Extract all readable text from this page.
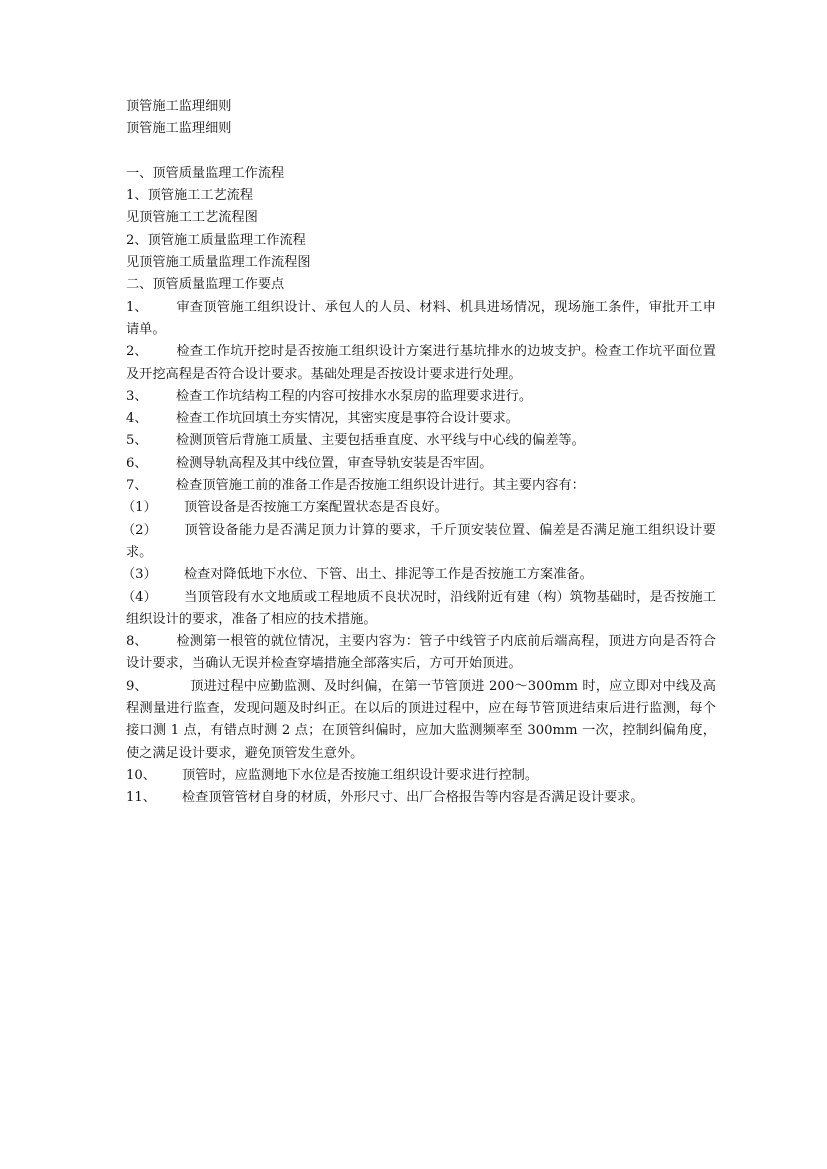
顶管施工监理细则
顶管施工监理细则
一、顶管质量监理工作流程
1、顶管施工工艺流程
见顶管施工工艺流程图
2、顶管施工质量监理工作流程
见顶管施工质量监理工作流程图
二、顶管质量监理工作要点
1、 审查顶管施工组织设计、承包人的人员、材料、机具进场情况，现场施工条件，审批开工申请单。
2、 检查工作坑开挖时是否按施工组织设计方案进行基坑排水的边坡支护。检查工作坑平面位置及开挖高程是否符合设计要求。基础处理是否按设计要求进行处理。
3、 检查工作坑结构工程的内容可按排水水泵房的监理要求进行。
4、 检查工作坑回填土夯实情况，其密实度是事符合设计要求。
5、 检测顶管后背施工质量、主要包括垂直度、水平线与中心线的偏差等。
6、 检测导轨高程及其中线位置，审查导轨安装是否牢固。
7、 检查顶管施工前的准备工作是否按施工组织设计进行。其主要内容有：
（1） 顶管设备是否按施工方案配置状态是否良好。
（2） 顶管设备能力是否满足顶力计算的要求，千斤顶安装位置、偏差是否满足施工组织设计要求。
（3） 检查对降低地下水位、下管、出土、排泥等工作是否按施工方案准备。
（4） 当顶管段有水文地质或工程地质不良状况时，沿线附近有建（构）筑物基础时，是否按施工组织设计的要求，准备了相应的技术措施。
8、 检测第一根管的就位情况，主要内容为：管子中线管子内底前后端高程，顶进方向是否符合设计要求，当确认无误并检查穿墙措施全部落实后，方可开始顶进。
9、	顶进过程中应勤监测、及时纠偏，在第一节管顶进 200～300mm 时，应立即对中线及高程测量进行监查，发现问题及时纠正。在以后的顶进过程中，应在每节管顶进结束后进行监测，每个接口测 1 点，有错点时测 2 点；在顶管纠偏时，应加大监测频率至 300mm 一次，控制纠偏角度，使之满足设计要求，避免顶管发生意外。
10、 顶管时，应监测地下水位是否按施工组织设计要求进行控制。
11、 检查顶管管材自身的材质，外形尺寸、出厂合格报告等内容是否满足设计要求。
